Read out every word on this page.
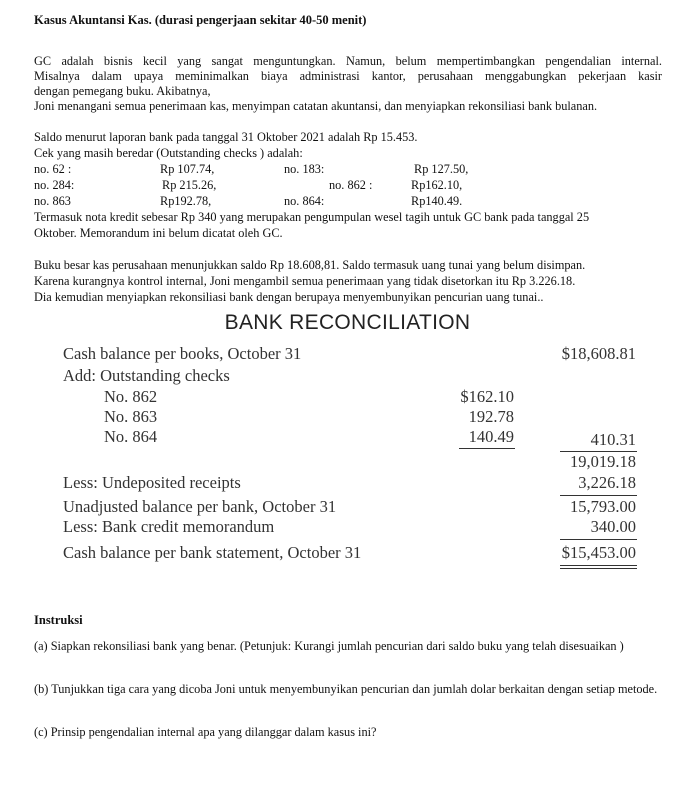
Kasus Akuntansi Kas. (durasi pengerjaan sekitar 40-50 menit)
GC adalah bisnis kecil yang sangat menguntungkan. Namun, belum mempertimbangkan pengendalian internal.
Misalnya dalam upaya meminimalkan biaya administrasi kantor, perusahaan menggabungkan pekerjaan kasir
dengan pemegang buku. Akibatnya,
Joni menangani semua penerimaan kas, menyimpan catatan akuntansi, dan menyiapkan rekonsiliasi bank bulanan.
Saldo menurut laporan bank pada tanggal 31 Oktober 2021 adalah Rp 15.453.
Cek yang masih beredar (Outstanding checks ) adalah:
no. 62 :	Rp 107.74,	no. 183:	Rp 127.50,
no. 284:	Rp 215.26,	no. 862 :	Rp162.10,
no. 863	Rp192.78,	no. 864:	Rp140.49.
Termasuk nota kredit sebesar Rp 340 yang merupakan pengumpulan wesel tagih untuk GC bank pada tanggal 25
Oktober. Memorandum ini belum dicatat oleh GC.
Buku besar kas perusahaan menunjukkan saldo Rp 18.608,81. Saldo termasuk uang tunai yang belum disimpan.
Karena kurangnya kontrol internal, Joni mengambil semua penerimaan yang tidak disetorkan itu Rp 3.226.18.
Dia kemudian menyiapkan rekonsiliasi bank dengan berupaya menyembunyikan pencurian uang tunai..
BANK RECONCILIATION
Cash balance per books, October 31	$18,608.81
Add: Outstanding checks
No. 862	$162.10
No. 863	192.78
No. 864	140.49	410.31
19,019.18
Less: Undeposited receipts	3,226.18
Unadjusted balance per bank, October 31	15,793.00
Less: Bank credit memorandum	340.00
Cash balance per bank statement, October 31	$15,453.00
Instruksi
(a) Siapkan rekonsiliasi bank yang benar. (Petunjuk: Kurangi jumlah pencurian dari saldo buku yang telah disesuaikan )
(b) Tunjukkan tiga cara yang dicoba Joni untuk menyembunyikan pencurian dan jumlah dolar berkaitan dengan setiap metode.
(c) Prinsip pengendalian internal apa yang dilanggar dalam kasus ini?
